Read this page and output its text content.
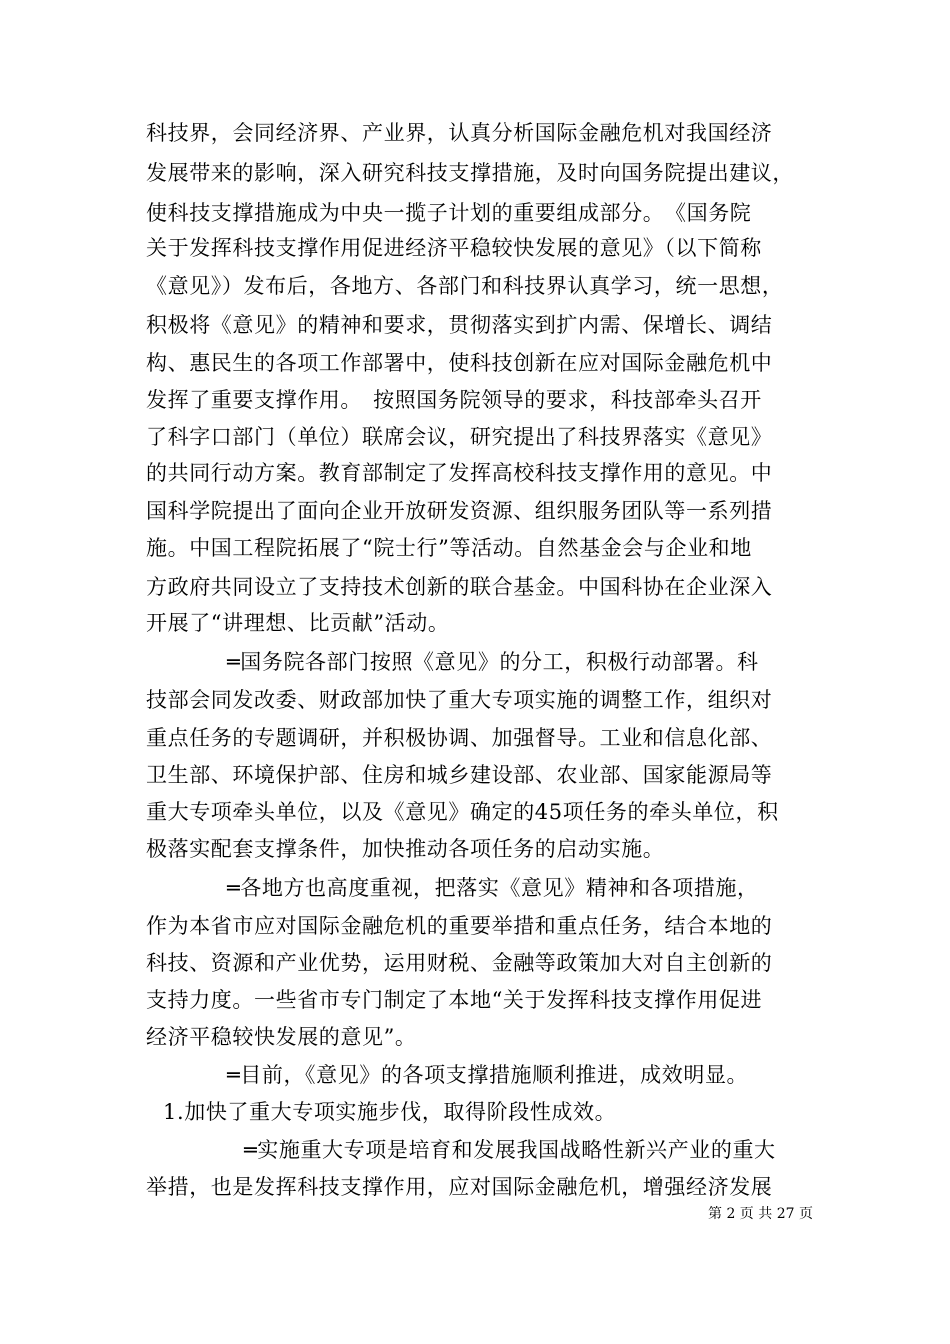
科技界，会同经济界、产业界，认真分析国际金融危机对我国经济
发展带来的影响，深入研究科技支撑措施，及时向国务院提出建议，
使科技支撑措施成为中央一揽子计划的重要组成部分。　《国务院
关于发挥科技支撑作用促进经济平稳较快发展的意见》（以下简称
《意见》）发布后，各地方、各部门和科技界认真学习，统一思想，
积极将《意见》的精神和要求，贯彻落实到扩内需、保增长、调结
构、惠民生的各项工作部署中，使科技创新在应对国际金融危机中
发挥了重要支撑作用。　按照国务院领导的要求，科技部牵头召开
了科字口部门（单位）联席会议，研究提出了科技界落实《意见》
的共同行动方案。教育部制定了发挥高校科技支撑作用的意见。中
国科学院提出了面向企业开放研发资源、组织服务团队等一系列措
施。中国工程院拓展了“院士行”等活动。自然基金会与企业和地
方政府共同设立了支持技术创新的联合基金。中国科协在企业深入
开展了“讲理想、比贡献”活动。
═国务院各部门按照《意见》的分工，积极行动部署。科
技部会同发改委、财政部加快了重大专项实施的调整工作，组织对
重点任务的专题调研，并积极协调、加强督导。工业和信息化部、
卫生部、环境保护部、住房和城乡建设部、农业部、国家能源局等
重大专项牵头单位，以及《意见》确定的45项任务的牵头单位，积
极落实配套支撑条件，加快推动各项任务的启动实施。
═各地方也高度重视，把落实《意见》精神和各项措施，
作为本省市应对国际金融危机的重要举措和重点任务，结合本地的
科技、资源和产业优势，运用财税、金融等政策加大对自主创新的
支持力度。一些省市专门制定了本地“关于发挥科技支撑作用促进
经济平稳较快发展的意见”。
═目前，《意见》的各项支撑措施顺利推进，成效明显。
1.加快了重大专项实施步伐，取得阶段性成效。
═实施重大专项是培育和发展我国战略性新兴产业的重大
举措，也是发挥科技支撑作用，应对国际金融危机，增强经济发展
第 2 页 共 27 页
